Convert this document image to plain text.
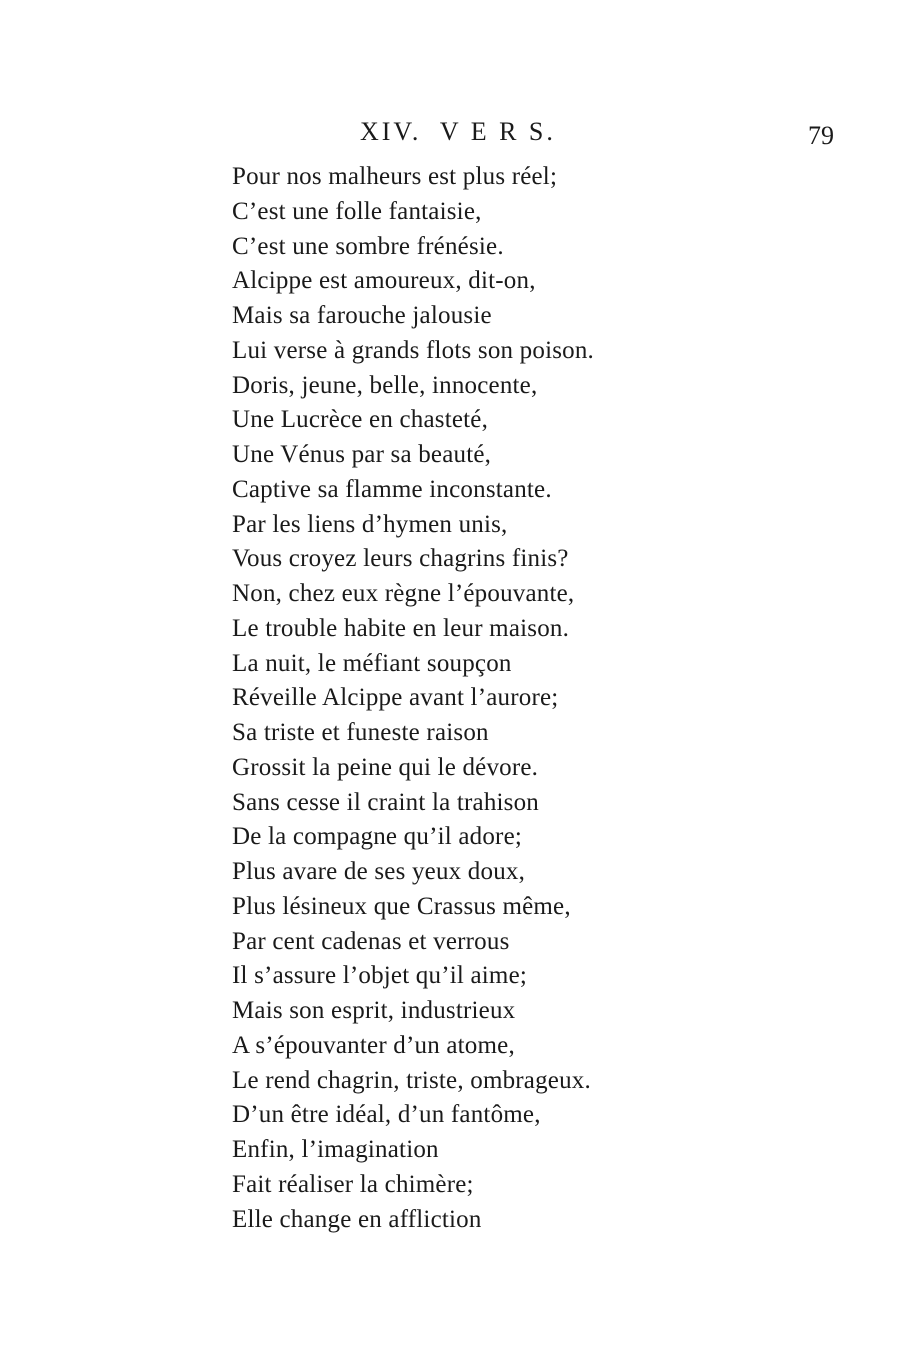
XIV.  V E R S.	79
Pour nos malheurs est plus réel;
C’est une folle fantaisie,
C’est une sombre frénésie.
Alcippe est amoureux, dit-on,
Mais sa farouche jalousie
Lui verse à grands flots son poison.
Doris, jeune, belle, innocente,
Une Lucrèce en chasteté,
Une Vénus par sa beauté,
Captive sa flamme inconstante.
Par les liens d’hymen unis,
Vous croyez leurs chagrins finis?
Non, chez eux règne l’épouvante,
Le trouble habite en leur maison.
La nuit, le méfiant soupçon
Réveille Alcippe avant l’aurore;
Sa triste et funeste raison
Grossit la peine qui le dévore.
Sans cesse il craint la trahison
De la compagne qu’il adore;
Plus avare de ses yeux doux,
Plus lésineux que Crassus même,
Par cent cadenas et verrous
Il s’assure l’objet qu’il aime;
Mais son esprit, industrieux
A s’épouvanter d’un atome,
Le rend chagrin, triste, ombrageux.
D’un être idéal, d’un fantôme,
Enfin, l’imagination
Fait réaliser la chimère;
Elle change en affliction
